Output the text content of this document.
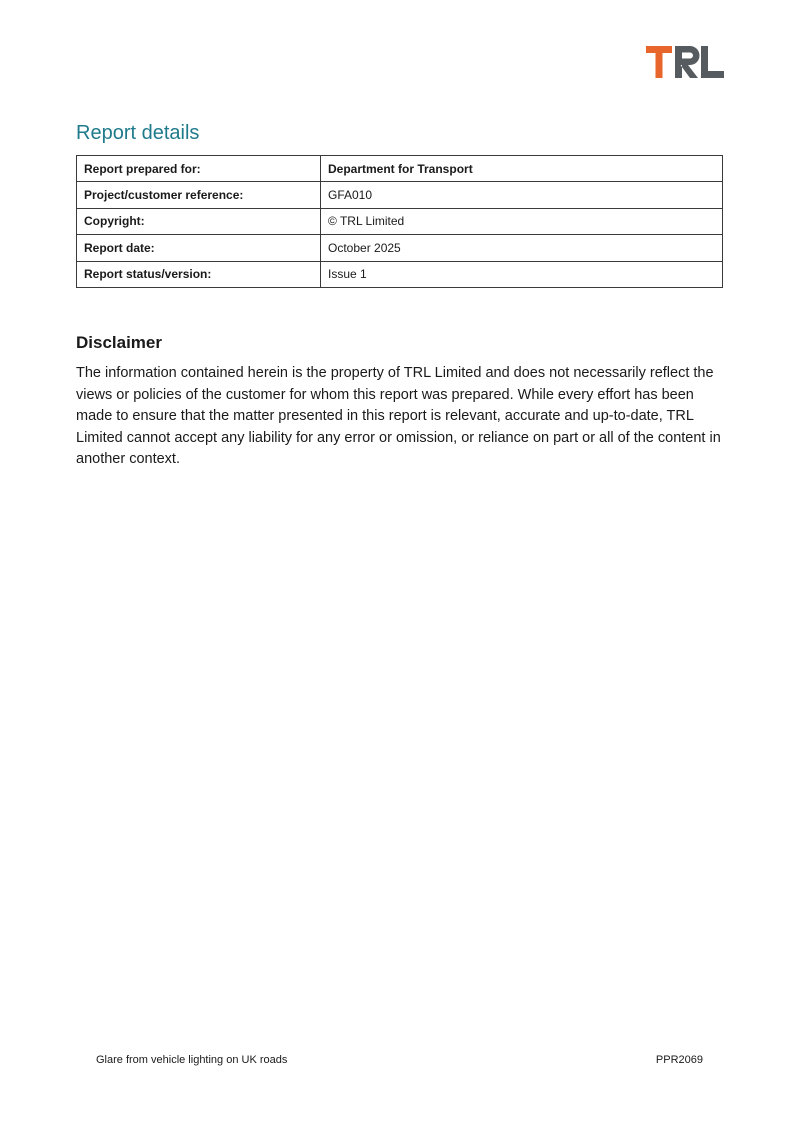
Report details
Report prepared for:	Department for Transport
Project/customer reference:	GFA010
Copyright:	© TRL Limited
Report date:	October 2025
Report status/version:	Issue 1
Disclaimer

The information contained herein is the property of TRL Limited and does not necessarily reflect the views or policies of the customer for whom this report was prepared. While every effort has been made to ensure that the matter presented in this report is relevant, accurate and up-to-date, TRL Limited cannot accept any liability for any error or omission, or reliance on part or all of the content in another context.

Glare from vehicle lighting on UK roads	PPR2069
